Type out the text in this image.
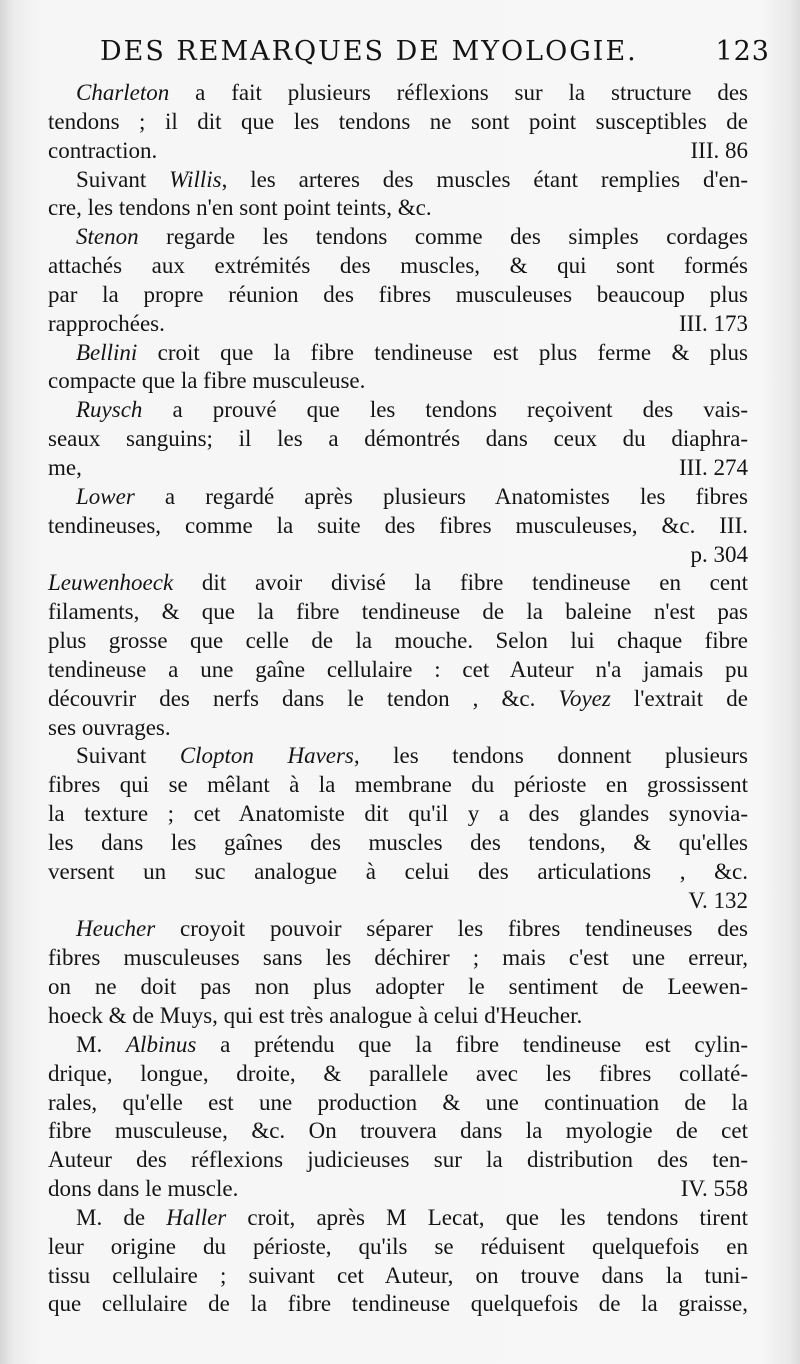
DES REMARQUES DE MYOLOGIE.	123
Charleton a fait plusieurs réflexions sur la structure des
tendons ; il dit que les tendons ne sont point susceptibles de
contraction.	III. 86
Suivant Willis, les arteres des muscles étant remplies d'en-
cre, les tendons n'en sont point teints, &c.
Stenon regarde les tendons comme des simples cordages
attachés aux extrémités des muscles, & qui sont formés
par la propre réunion des fibres musculeuses beaucoup plus
rapprochées.	III. 173
Bellini croit que la fibre tendineuse est plus ferme & plus
compacte que la fibre musculeuse.
Ruysch a prouvé que les tendons reçoivent des vais-
seaux sanguins; il les a démontrés dans ceux du diaphra-
me,	III. 274
Lower a regardé après plusieurs Anatomistes les fibres
tendineuses, comme la suite des fibres musculeuses, &c. III.
p. 304
Leuwenhoeck dit avoir divisé la fibre tendineuse en cent
filaments, & que la fibre tendineuse de la baleine n'est pas
plus grosse que celle de la mouche. Selon lui chaque fibre
tendineuse a une gaîne cellulaire : cet Auteur n'a jamais pu
découvrir des nerfs dans le tendon , &c. Voyez l'extrait de
ses ouvrages.
Suivant Clopton Havers, les tendons donnent plusieurs
fibres qui se mêlant à la membrane du périoste en grossissent
la texture ; cet Anatomiste dit qu'il y a des glandes synovia-
les dans les gaînes des muscles des tendons, & qu'elles
versent un suc analogue à celui des articulations , &c.
V. 132
Heucher croyoit pouvoir séparer les fibres tendineuses des
fibres musculeuses sans les déchirer ; mais c'est une erreur,
on ne doit pas non plus adopter le sentiment de Leewen-
hoeck & de Muys, qui est très analogue à celui d'Heucher.
M. Albinus a prétendu que la fibre tendineuse est cylin-
drique, longue, droite, & parallele avec les fibres collaté-
rales, qu'elle est une production & une continuation de la
fibre musculeuse, &c. On trouvera dans la myologie de cet
Auteur des réflexions judicieuses sur la distribution des ten-
dons dans le muscle.	IV. 558
M. de Haller croit, après M Lecat, que les tendons tirent
leur origine du périoste, qu'ils se réduisent quelquefois en
tissu cellulaire ; suivant cet Auteur, on trouve dans la tuni-
que cellulaire de la fibre tendineuse quelquefois de la graisse,
